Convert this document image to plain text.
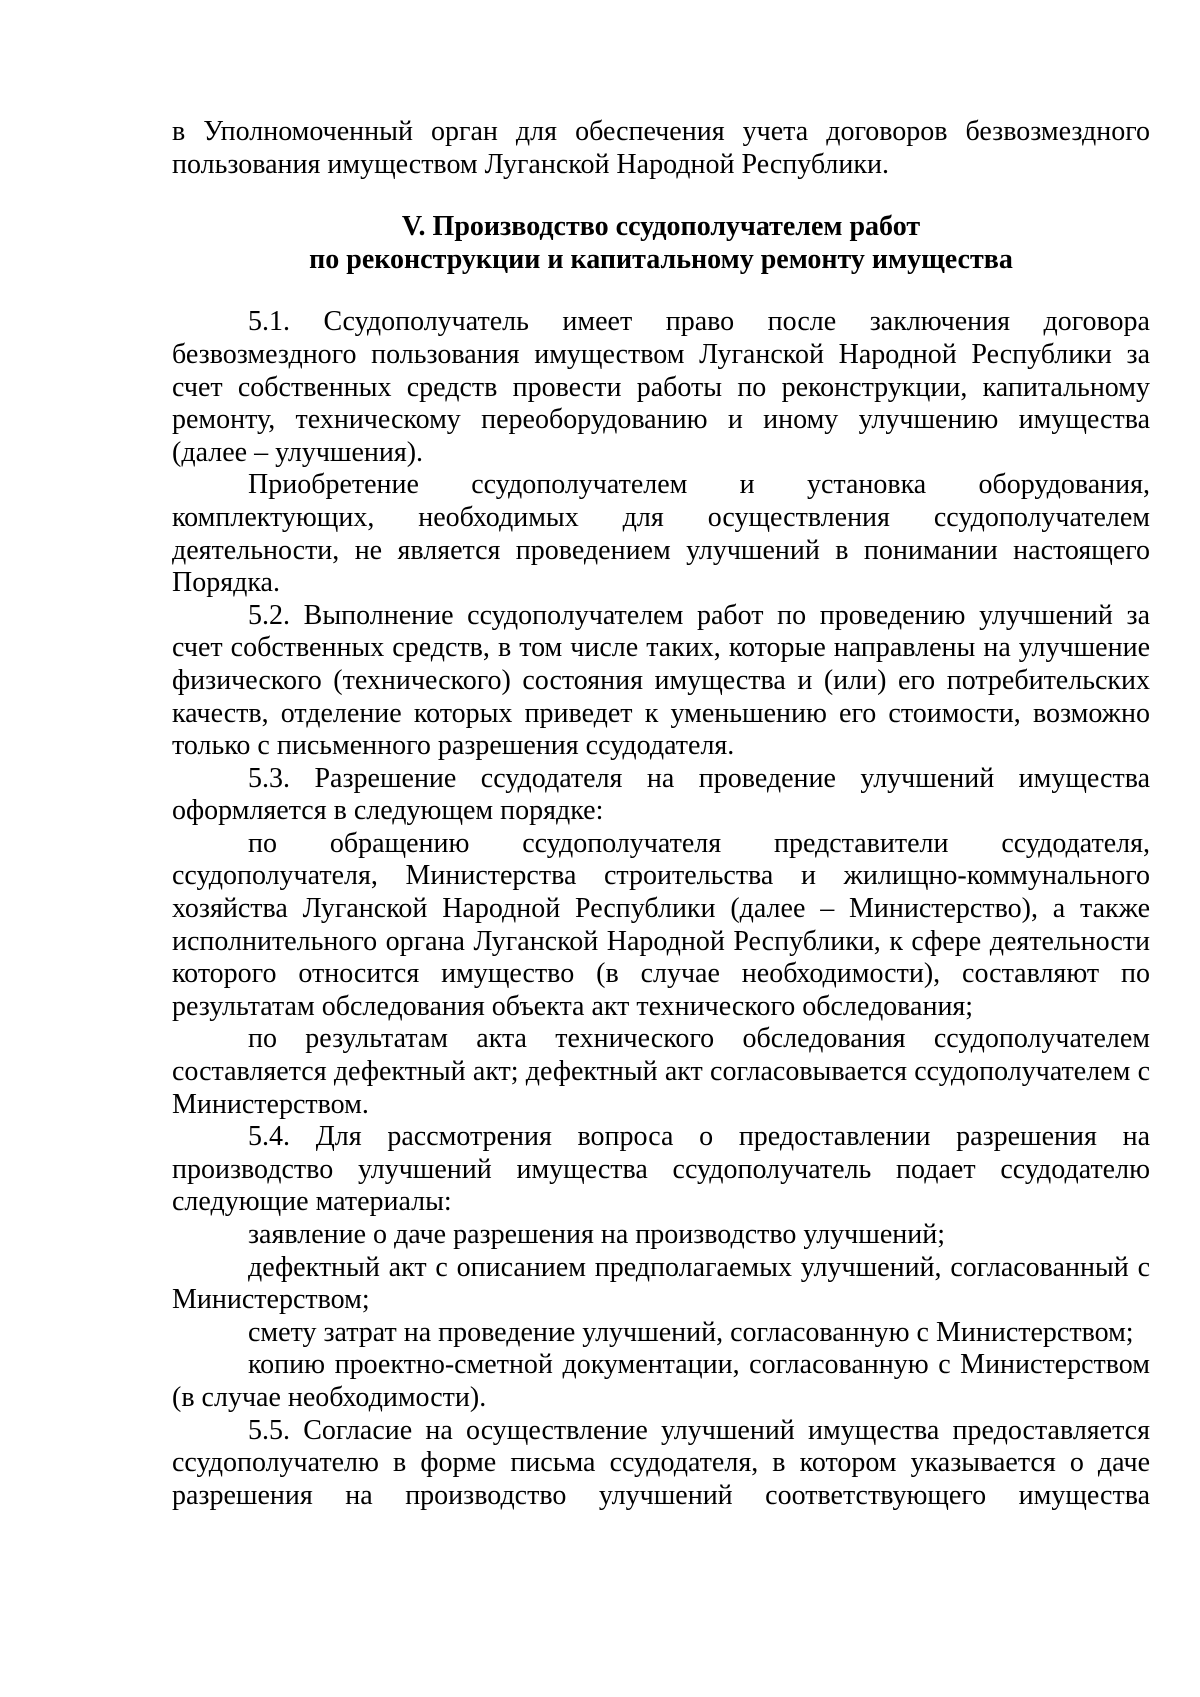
в Уполномоченный орган для обеспечения учета договоров безвозмездного пользования имуществом Луганской Народной Республики.

V. Производство ссудополучателем работ
по реконструкции и капитальному ремонту имущества

5.1. Ссудополучатель имеет право после заключения договора безвозмездного пользования имуществом Луганской Народной Республики за счет собственных средств провести работы по реконструкции, капитальному ремонту, техническому переоборудованию и иному улучшению имущества (далее – улучшения).

Приобретение ссудополучателем и установка оборудования, комплектующих, необходимых для осуществления ссудополучателем деятельности, не является проведением улучшений в понимании настоящего Порядка.

5.2. Выполнение ссудополучателем работ по проведению улучшений за счет собственных средств, в том числе таких, которые направлены на улучшение физического (технического) состояния имущества и (или) его потребительских качеств, отделение которых приведет к уменьшению его стоимости, возможно только с письменного разрешения ссудодателя.

5.3. Разрешение ссудодателя на проведение улучшений имущества оформляется в следующем порядке:

по обращению ссудополучателя представители ссудодателя, ссудополучателя, Министерства строительства и жилищно-коммунального хозяйства Луганской Народной Республики (далее – Министерство), а также исполнительного органа Луганской Народной Республики, к сфере деятельности которого относится имущество (в случае необходимости), составляют по результатам обследования объекта акт технического обследования;

по результатам акта технического обследования ссудополучателем составляется дефектный акт; дефектный акт согласовывается ссудополучателем с Министерством.

5.4. Для рассмотрения вопроса о предоставлении разрешения на производство улучшений имущества ссудополучатель подает ссудодателю следующие материалы:

заявление о даче разрешения на производство улучшений;

дефектный акт с описанием предполагаемых улучшений, согласованный с Министерством;

смету затрат на проведение улучшений, согласованную с Министерством;

копию проектно-сметной документации, согласованную с Министерством (в случае необходимости).

5.5. Согласие на осуществление улучшений имущества предоставляется ссудополучателю в форме письма ссудодателя, в котором указывается о даче разрешения на производство улучшений соответствующего имущества
